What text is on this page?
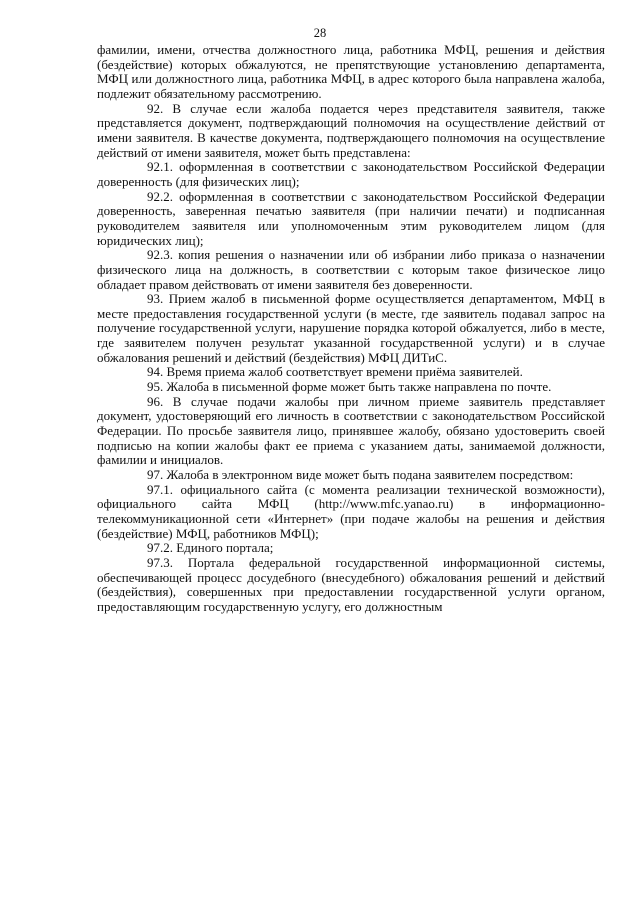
28

фамилии, имени, отчества должностного лица, работника МФЦ, решения и действия (бездействие) которых обжалуются, не препятствующие установлению департамента, МФЦ или должностного лица, работника МФЦ, в адрес которого была направлена жалоба, подлежит обязательному рассмотрению.

92. В случае если жалоба подается через представителя заявителя, также представляется документ, подтверждающий полномочия на осуществление действий от имени заявителя. В качестве документа, подтверждающего полномочия на осуществление действий от имени заявителя, может быть представлена:

92.1. оформленная в соответствии с законодательством Российской Федерации доверенность (для физических лиц);

92.2. оформленная в соответствии с законодательством Российской Федерации доверенность, заверенная печатью заявителя (при наличии печати) и подписанная руководителем заявителя или уполномоченным этим руководителем лицом (для юридических лиц);

92.3. копия решения о назначении или об избрании либо приказа о назначении физического лица на должность, в соответствии с которым такое физическое лицо обладает правом действовать от имени заявителя без доверенности.

93. Прием жалоб в письменной форме осуществляется департаментом, МФЦ в месте предоставления государственной услуги (в месте, где заявитель подавал запрос на получение государственной услуги, нарушение порядка которой обжалуется, либо в месте, где заявителем получен результат указанной государственной услуги) и в случае обжалования решений и действий (бездействия) МФЦ ДИТиС.

94. Время приема жалоб соответствует времени приёма заявителей.

95. Жалоба в письменной форме может быть также направлена по почте.

96. В случае подачи жалобы при личном приеме заявитель представляет документ, удостоверяющий его личность в соответствии с законодательством Российской Федерации. По просьбе заявителя лицо, принявшее жалобу, обязано удостоверить своей подписью на копии жалобы факт ее приема с указанием даты, занимаемой должности, фамилии и инициалов.

97. Жалоба в электронном виде может быть подана заявителем посредством:

97.1. официального сайта (с момента реализации технической возможности), официального сайта МФЦ (http://www.mfc.yanao.ru) в информационно-телекоммуникационной сети «Интернет» (при подаче жалобы на решения и действия (бездействие) МФЦ, работников МФЦ);

97.2. Единого портала;

97.3. Портала федеральной государственной информационной системы, обеспечивающей процесс досудебного (внесудебного) обжалования решений и действий (бездействия), совершенных при предоставлении государственной услуги органом, предоставляющим государственную услугу, его должностным
